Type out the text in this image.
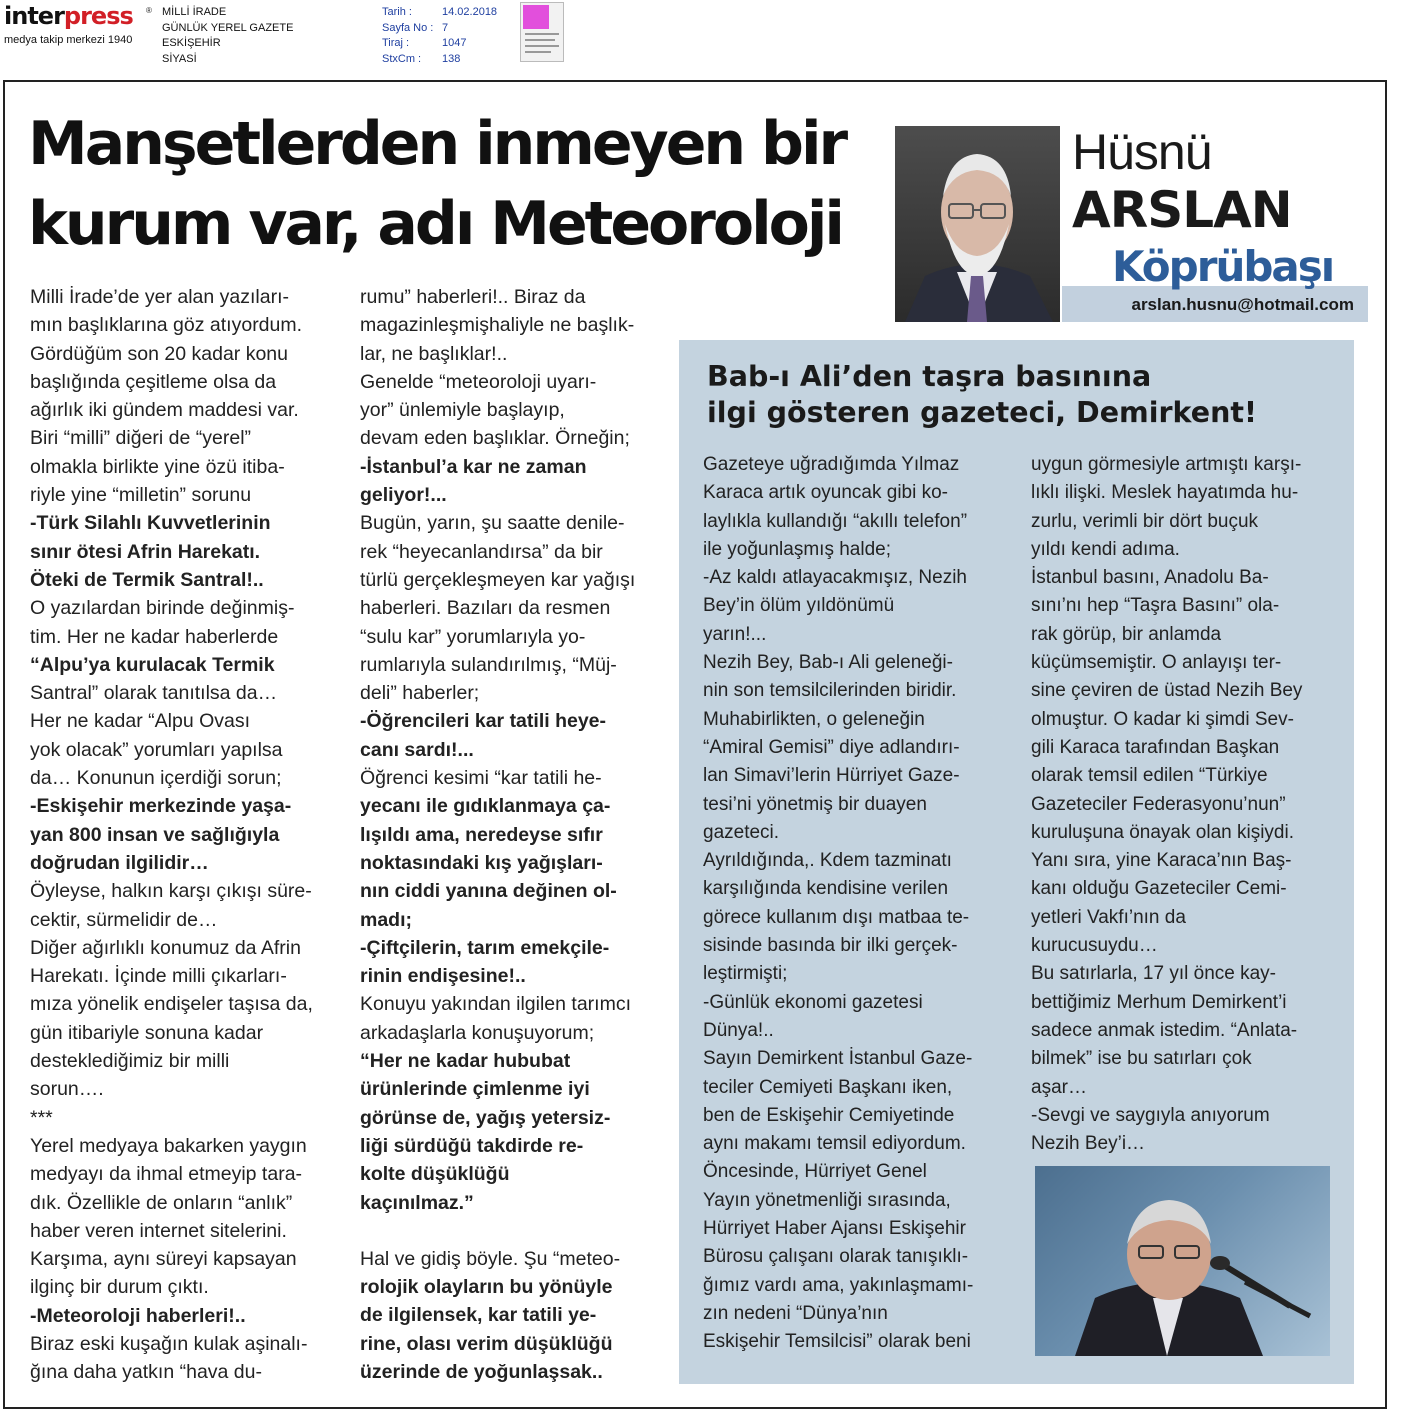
interpress	®
medya takip merkezi 1940
MİLLİ İRADE
GÜNLÜK YEREL GAZETE
ESKİŞEHİR
SİYASİ
Tarih :	14.02.2018
Sayfa No : 7
Tiraj :	1047
StxCm :	138
Manşetlerden inmeyen bir kurum var, adı Meteoroloji
Hüsnü
ARSLAN
arslan.husnu@hotmail.com
Köprübaşı

Milli İrade’de yer alan yazıları-

mın başlıklarına göz atıyordum.

Gördüğüm son 20 kadar konu

başlığında çeşitleme olsa da

ağırlık iki gündem maddesi var.

Biri “milli” diğeri de “yerel”

olmakla birlikte yine özü itiba-

riyle yine “milletin” sorunu

-Türk Silahlı Kuvvetlerinin

sınır ötesi Afrin Harekatı.

Öteki de Termik Santral!..

O yazılardan birinde değinmiş-

tim. Her ne kadar haberlerde

“Alpu’ya kurulacak Termik

Santral” olarak tanıtılsa da…

Her ne kadar “Alpu Ovası

yok olacak” yorumları yapılsa

da… Konunun içerdiği sorun;

-Eskişehir merkezinde yaşa-

yan 800 insan ve sağlığıyla

doğrudan ilgilidir…

Öyleyse, halkın karşı çıkışı süre-

cektir, sürmelidir de…

Diğer ağırlıklı konumuz da Afrin

Harekatı. İçinde milli çıkarları-

mıza yönelik endişeler taşısa da,

gün itibariyle sonuna kadar

desteklediğimiz bir milli

sorun….

***

Yerel medyaya bakarken yaygın

medyayı da ihmal etmeyip tara-

dık. Özellikle de onların “anlık”

haber veren internet sitelerini.

Karşıma, aynı süreyi kapsayan

ilginç bir durum çıktı.

-Meteoroloji haberleri!..

Biraz eski kuşağın kulak aşinalı-

ğına daha yatkın “hava du-

rumu” haberleri!.. Biraz da

magazinleşmişhaliyle ne başlık-

lar, ne başlıklar!..

Genelde “meteoroloji uyarı-

yor” ünlemiyle başlayıp,

devam eden başlıklar. Örneğin;

-İstanbul’a kar ne zaman

geliyor!...

Bugün, yarın, şu saatte denile-

rek “heyecanlandırsa” da bir

türlü gerçekleşmeyen kar yağışı

haberleri. Bazıları da resmen

“sulu kar” yorumlarıyla yo-

rumlarıyla sulandırılmış, “Müj-

deli” haberler;

-Öğrencileri kar tatili heye-

canı sardı!...

Öğrenci kesimi “kar tatili he-

yecanı ile gıdıklanmaya ça-

lışıldı ama, neredeyse sıfır

noktasındaki kış yağışları-

nın ciddi yanına değinen ol-

madı;

-Çiftçilerin, tarım emekçile-

rinin endişesine!..

Konuyu yakından ilgilen tarımcı

arkadaşlarla konuşuyorum;

“Her ne kadar hububat

ürünlerinde çimlenme iyi

görünse de, yağış yetersiz-

liği sürdüğü takdirde re-

kolte düşüklüğü

kaçınılmaz.”

Hal ve gidiş böyle. Şu “meteo-

rolojik olayların bu yönüyle

de ilgilensek, kar tatili ye-

rine, olası verim düşüklüğü

üzerinde de yoğunlaşsak..

Bab-ı Ali’den taşra basınına
ilgi gösteren gazeteci, Demirkent!

Gazeteye uğradığımda Yılmaz

Karaca artık oyuncak gibi ko-

laylıkla kullandığı “akıllı telefon”

ile yoğunlaşmış halde;

-Az kaldı atlayacakmışız, Nezih

Bey’in ölüm yıldönümü

yarın!...

Nezih Bey, Bab-ı Ali geleneği-

nin son temsilcilerinden biridir.

Muhabirlikten, o geleneğin

“Amiral Gemisi” diye adlandırı-

lan Simavi’lerin Hürriyet Gaze-

tesi’ni yönetmiş bir duayen

gazeteci.

Ayrıldığında,. Kdem tazminatı

karşılığında kendisine verilen

görece kullanım dışı matbaa te-

sisinde basında bir ilki gerçek-

leştirmişti;

-Günlük ekonomi gazetesi

Dünya!..

Sayın Demirkent İstanbul Gaze-

teciler Cemiyeti Başkanı iken,

ben de Eskişehir Cemiyetinde

aynı makamı temsil ediyordum.

Öncesinde, Hürriyet Genel

Yayın yönetmenliği sırasında,

Hürriyet Haber Ajansı Eskişehir

Bürosu çalışanı olarak tanışıklı-

ğımız vardı ama, yakınlaşmamı-

zın nedeni “Dünya’nın

Eskişehir Temsilcisi” olarak beni

uygun görmesiyle artmıştı karşı-

lıklı ilişki. Meslek hayatımda hu-

zurlu, verimli bir dört buçuk

yıldı kendi adıma.

İstanbul basını, Anadolu Ba-

sını’nı hep “Taşra Basını” ola-

rak görüp, bir anlamda

küçümsemiştir. O anlayışı ter-

sine çeviren de üstad Nezih Bey

olmuştur. O kadar ki şimdi Sev-

gili Karaca tarafından Başkan

olarak temsil edilen “Türkiye

Gazeteciler Federasyonu’nun”

kuruluşuna önayak olan kişiydi.

Yanı sıra, yine Karaca’nın Baş-

kanı olduğu Gazeteciler Cemi-

yetleri Vakfı’nın da

kurucusuydu…

Bu satırlarla, 17 yıl önce kay-

bettiğimiz Merhum Demirkent’i

sadece anmak istedim. “Anlata-

bilmek” ise bu satırları çok

aşar…

-Sevgi ve saygıyla anıyorum

Nezih Bey’i…
